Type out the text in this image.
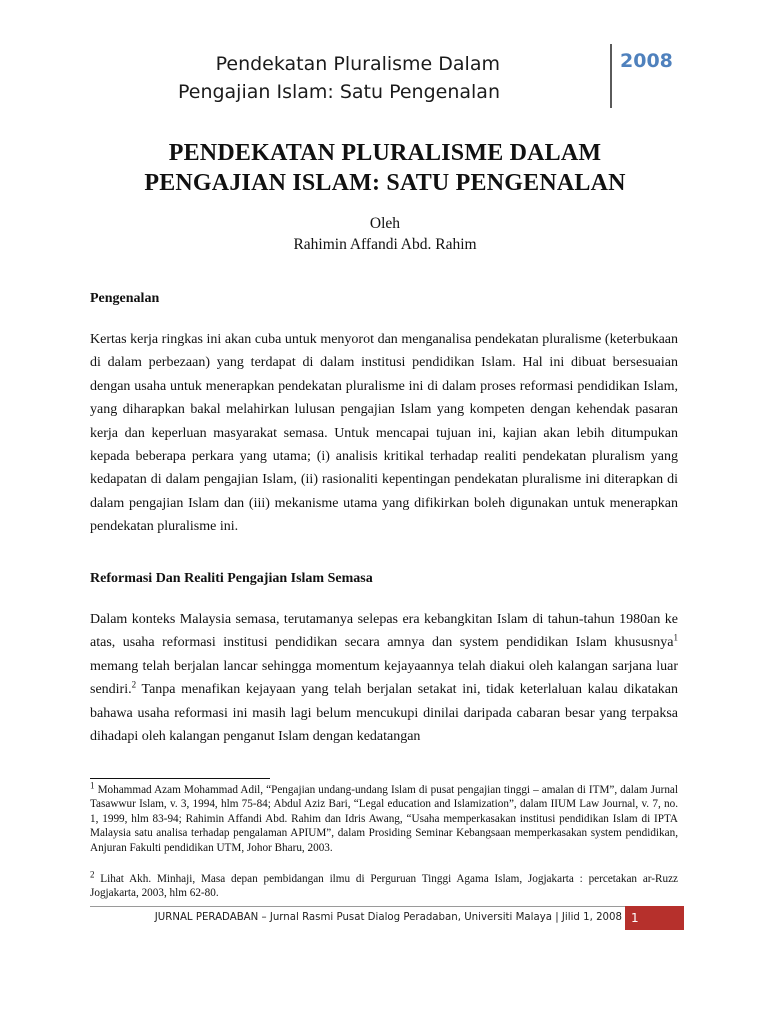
Pendekatan Pluralisme Dalam
Pengajian Islam: Satu Pengenalan
2008
PENDEKATAN PLURALISME DALAM
PENGAJIAN ISLAM: SATU PENGENALAN
Oleh
Rahimin Affandi Abd. Rahim
Pengenalan

Kertas kerja ringkas ini akan cuba untuk menyorot dan menganalisa pendekatan pluralisme (keterbukaan di dalam perbezaan) yang terdapat di dalam institusi pendidikan Islam. Hal ini dibuat bersesuaian dengan usaha untuk menerapkan pendekatan pluralisme ini di dalam proses reformasi pendidikan Islam, yang diharapkan bakal melahirkan lulusan pengajian Islam yang kompeten dengan kehendak pasaran kerja dan keperluan masyarakat semasa. Untuk mencapai tujuan ini, kajian akan lebih ditumpukan kepada beberapa perkara yang utama; (i) analisis kritikal terhadap realiti pendekatan pluralism yang kedapatan di dalam pengajian Islam, (ii) rasionaliti kepentingan pendekatan pluralisme ini diterapkan di dalam pengajian Islam dan (iii) mekanisme utama yang difikirkan boleh digunakan untuk menerapkan pendekatan pluralisme ini.

Reformasi Dan Realiti Pengajian Islam Semasa

Dalam konteks Malaysia semasa, terutamanya selepas era kebangkitan Islam di tahun-tahun 1980an ke atas, usaha reformasi institusi pendidikan secara amnya dan system pendidikan Islam khususnya$^1$ memang telah berjalan lancar sehingga momentum kejayaannya telah diakui oleh kalangan sarjana luar sendiri.$^2$ Tanpa menafikan kejayaan yang telah berjalan setakat ini, tidak keterlaluan kalau dikatakan bahawa usaha reformasi ini masih lagi belum mencukupi dinilai daripada cabaran besar yang terpaksa dihadapi oleh kalangan penganut Islam dengan kedatangan

$^1$ Mohammad Azam Mohammad Adil, “Pengajian undang-undang Islam di pusat pengajian tinggi – amalan di ITM”, dalam Jurnal Tasawwur Islam, v. 3, 1994, hlm 75-84; Abdul Aziz Bari, “Legal education and Islamization”, dalam IIUM Law Journal, v. 7, no. 1, 1999, hlm 83-94; Rahimin Affandi Abd. Rahim dan Idris Awang, “Usaha memperkasakan institusi pendidikan Islam di IPTA Malaysia satu analisa terhadap pengalaman APIUM”, dalam Prosiding Seminar Kebangsaan memperkasakan system pendidikan, Anjuran Fakulti pendidikan UTM, Johor Bharu, 2003.

$^2$ Lihat Akh. Minhaji, Masa depan pembidangan ilmu di Perguruan Tinggi Agama Islam, Jogjakarta : percetakan ar-Ruzz Jogjakarta, 2003, hlm 62-80.

JURNAL PERADABAN – Jurnal Rasmi Pusat Dialog Peradaban, Universiti Malaya | Jilid 1, 2008 1
